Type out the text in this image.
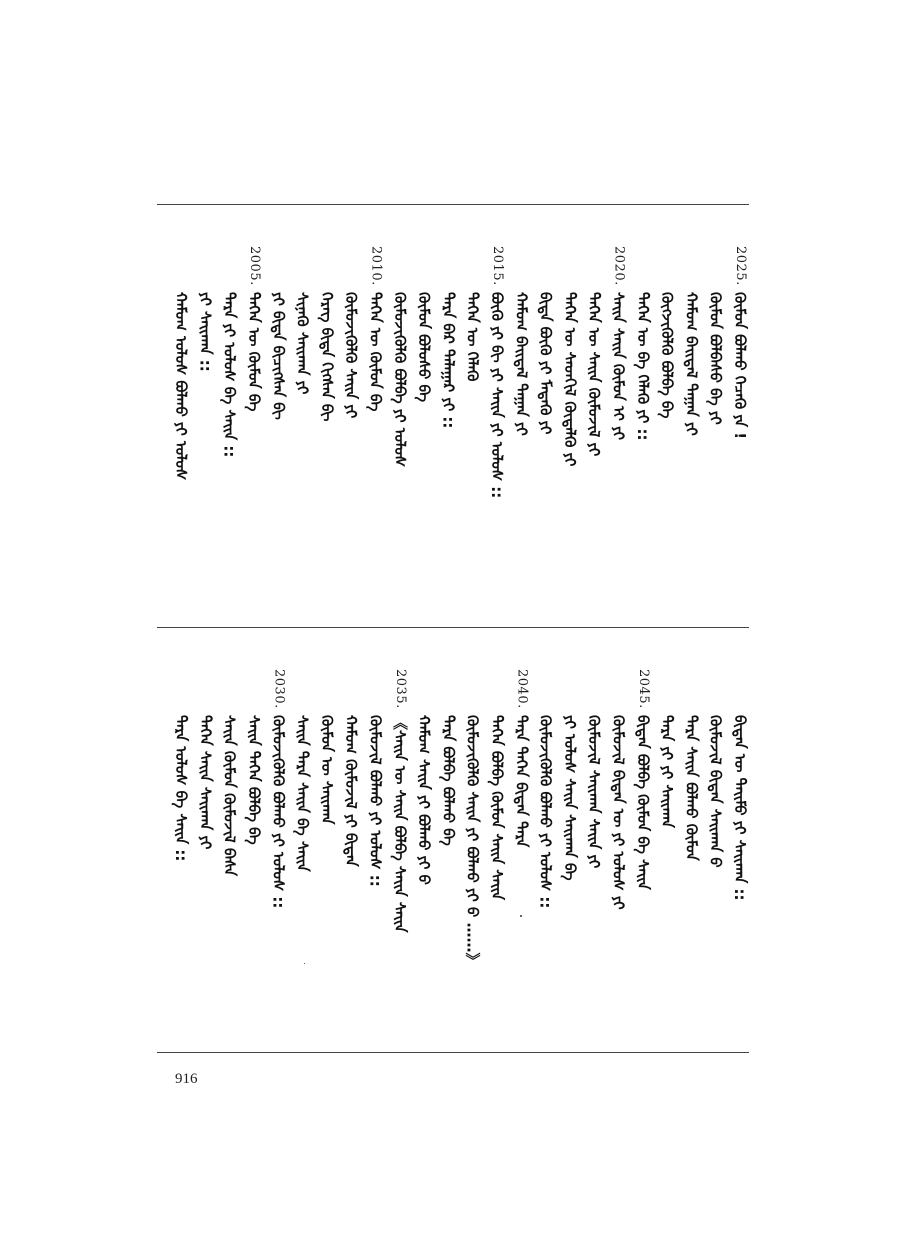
2025.
ᠬᠦᠮᠦᠨ ᠪᠣᠯᠬᠣ ᠬᠡᠴᠡᠭᠦ ᠶᠠ !
ᠬᠦᠮᠦᠨ ᠪᠣᠯᠪᠠᠰᠤ ᠪᠠ ᠶᠢ
ᠬᠠᠮᠤᠭ ᠪᠠᠢᠳᠠᠯ ᠲᠠᠭᠠᠨ ᠶᠢ
ᠬᠦᠭᠵᠢᠭᠦᠯᠬᠦ ᠪᠣᠯᠪᠠ ᠪᠠ
ᠲᠡᠭᠡᠨ ᠦ ᠪᠠ ᠬᠡᠯᠡᠬᠦ ᠶᠢ ::
2020.
ᠰᠠᠢᠨ ᠰᠠᠢᠨ ᠬᠦᠮᠦᠨ ᠢ ᠶᠢ
ᠲᠡᠭᠡᠨ ᠦ ᠰᠠᠢᠨ ᠬᠦᠮᠦᠵᠢᠯ ᠶᠢ
ᠲᠡᠭᠡᠨ ᠦ ᠰᠡᠳᠬᠢᠯ ᠬᠥᠳᠡᠯᠬᠦ ᠶᠢ
ᠪᠢᠳᠡ ᠪᠦᠬᠦ ᠶᠢ ᠮᠡᠳᠡᠬᠦ ᠶᠢ
ᠬᠠᠮᠤᠭ ᠪᠠᠢᠳᠠᠯ ᠲᠠᠭᠠᠨ ᠶᠢ
2015.
ᠪᠦᠬᠦ ᠶᠢ ᠪᠢ ᠶᠢ ᠰᠠᠢᠨ ᠶᠢ ᠤᠯᠤᠰ ::
ᠲᠡᠭᠡᠨ ᠦ ᠬᠡᠯᠡᠬᠦ
ᠲᠡᠷᠡ ᠪᠠᠷ ᠲᠠᠯᠠᠭᠠᠷ ᠶᠢ ::
ᠬᠦᠮᠦᠨ ᠪᠣᠯᠣᠰᠤ ᠪᠠ
ᠬᠦᠮᠦᠵᠢᠭᠦᠯᠬᠦ ᠪᠣᠯᠪᠠ ᠶᠢ ᠤᠯᠤᠰ
2010.
ᠲᠡᠭᠡᠨ ᠦ ᠬᠦᠮᠦᠨ ᠪᠠ
ᠬᠦᠮᠦᠵᠢᠭᠦᠯᠬᠦ ᠰᠠᠢᠨ ᠶᠢ
ᠬᠡᠷᠡᠭ ᠪᠢᠳᠡ ᠬᠢᠭᠰᠡᠨ ᠪᠢ
ᠰᠢᠨᠡᠬᠦ ᠰᠠᠢᠬᠠᠨ ᠶᠢ
ᠶᠢ ᠪᠢᠳᠡ ᠪᠢᠴᠢᠭᠰᠡᠨ ᠪᠢ
2005.
ᠲᠡᠭᠡᠨ ᠦ ᠬᠦᠮᠦᠨ ᠪᠠ
ᠲᠡᠷᠡ ᠶᠢ ᠤᠯᠤᠰ ᠪᠠ ᠰᠠᠢᠨ ::
ᠶᠢ ᠰᠠᠢᠬᠠᠨ ::
ᠬᠠᠮᠤᠭ ᠤᠯᠤᠰ ᠪᠣᠯᠬᠣ ᠶᠢ ᠤᠯᠤᠰ
ᠪᠢᠳᠡᠨ ᠦ ᠳᠠᠢᠮᠤ ᠶᠢ ᠰᠠᠢᠬᠠᠨ ::
ᠬᠦᠮᠦᠵᠢᠯ ᠪᠢᠳᠡᠨ ᠰᠠᠢᠬᠠᠨ ᠪ
ᠲᠡᠷᠡ ᠰᠠᠢᠨ ᠪᠣᠯᠬᠣ ᠬᠦᠮᠦᠨ
ᠲᠡᠷᠡ ᠶᠢ ᠶᠢ ᠰᠠᠢᠬᠠᠨ
2045.
ᠪᠢᠳᠡᠨ ᠪᠣᠯᠪᠠ ᠬᠦᠮᠦᠨ ᠪᠠ ᠰᠠᠢᠨ
ᠬᠦᠮᠦᠵᠢᠯ ᠪᠢᠳᠡᠨ ᠦ ᠶᠢ ᠤᠯᠤᠰ ᠶᠢ
ᠬᠦᠮᠦᠵᠢᠯ ᠰᠠᠢᠬᠠᠨ ᠰᠠᠢᠨ ᠶᠢ
ᠶᠢ ᠤᠯᠤᠰ ᠰᠠᠢᠨ ᠰᠠᠢᠬᠠᠨ ᠪᠠ
ᠬᠦᠮᠦᠵᠢᠭᠦᠯᠬᠦ ᠪᠣᠯᠬᠣ ᠶᠢ ᠤᠯᠤᠰ ::
2040.
ᠲᠡᠷᠡ ᠲᠡᠭᠡᠨ ᠪᠢᠳᠡᠨ ᠲᠡᠷᠡ
ᠲᠡᠭᠡᠨ ᠪᠣᠯᠪᠠ ᠬᠦᠮᠦᠨ ᠰᠠᠢᠨ ᠰᠠᠢᠨ
ᠬᠦᠮᠦᠵᠢᠭᠦᠯᠬᠦ ᠰᠠᠢᠨ ᠶᠢ ᠪᠣᠯᠬᠣ ᠶᠢ ᠪ ……》
ᠲᠡᠷᠡ ᠪᠣᠯᠪᠠ ᠪᠣᠯᠬᠣ ᠪᠠ
ᠬᠠᠮᠤᠭ ᠰᠠᠢᠨ ᠶᠢ ᠪᠣᠯᠬᠣ ᠶᠢ ᠪ
2035.
《ᠰᠠᠢᠨ ᠦ ᠰᠠᠢᠨ ᠪᠣᠯᠪᠠ ᠰᠠᠢᠨ ᠰᠠᠢᠨ
ᠬᠦᠮᠦᠵᠢᠯ ᠪᠣᠯᠬᠣ ᠶᠢ ᠤᠯᠤᠰ ::
ᠬᠠᠮᠤᠭ ᠬᠦᠮᠦᠵᠢᠯ ᠶᠢ ᠪᠢᠳᠡᠨ
ᠬᠦᠮᠦᠨ ᠦ ᠰᠠᠢᠬᠠᠨ
ᠰᠠᠢᠨ ᠲᠡᠷᠡ ᠰᠠᠢᠨ ᠪᠠ ᠰᠠᠢᠨ
2030.
ᠬᠦᠮᠦᠵᠢᠭᠦᠯᠬᠦ ᠪᠣᠯᠬᠣ ᠶᠢ ᠤᠯᠤᠰ ::
ᠰᠠᠢᠨ ᠲᠡᠭᠡᠨ ᠪᠣᠯᠪᠠ ᠪᠠ
ᠰᠠᠢᠨ ᠬᠦᠮᠦᠨ ᠬᠦᠮᠦᠵᠢᠯ ᠪᠠᠰᠠ
ᠲᠡᠭᠡᠨ ᠰᠠᠢᠨ ᠰᠠᠢᠬᠠᠨ ᠶᠢ
ᠲᠡᠷᠡ ᠤᠯᠤᠰ ᠪᠠ ᠰᠠᠢᠨ ::
916
